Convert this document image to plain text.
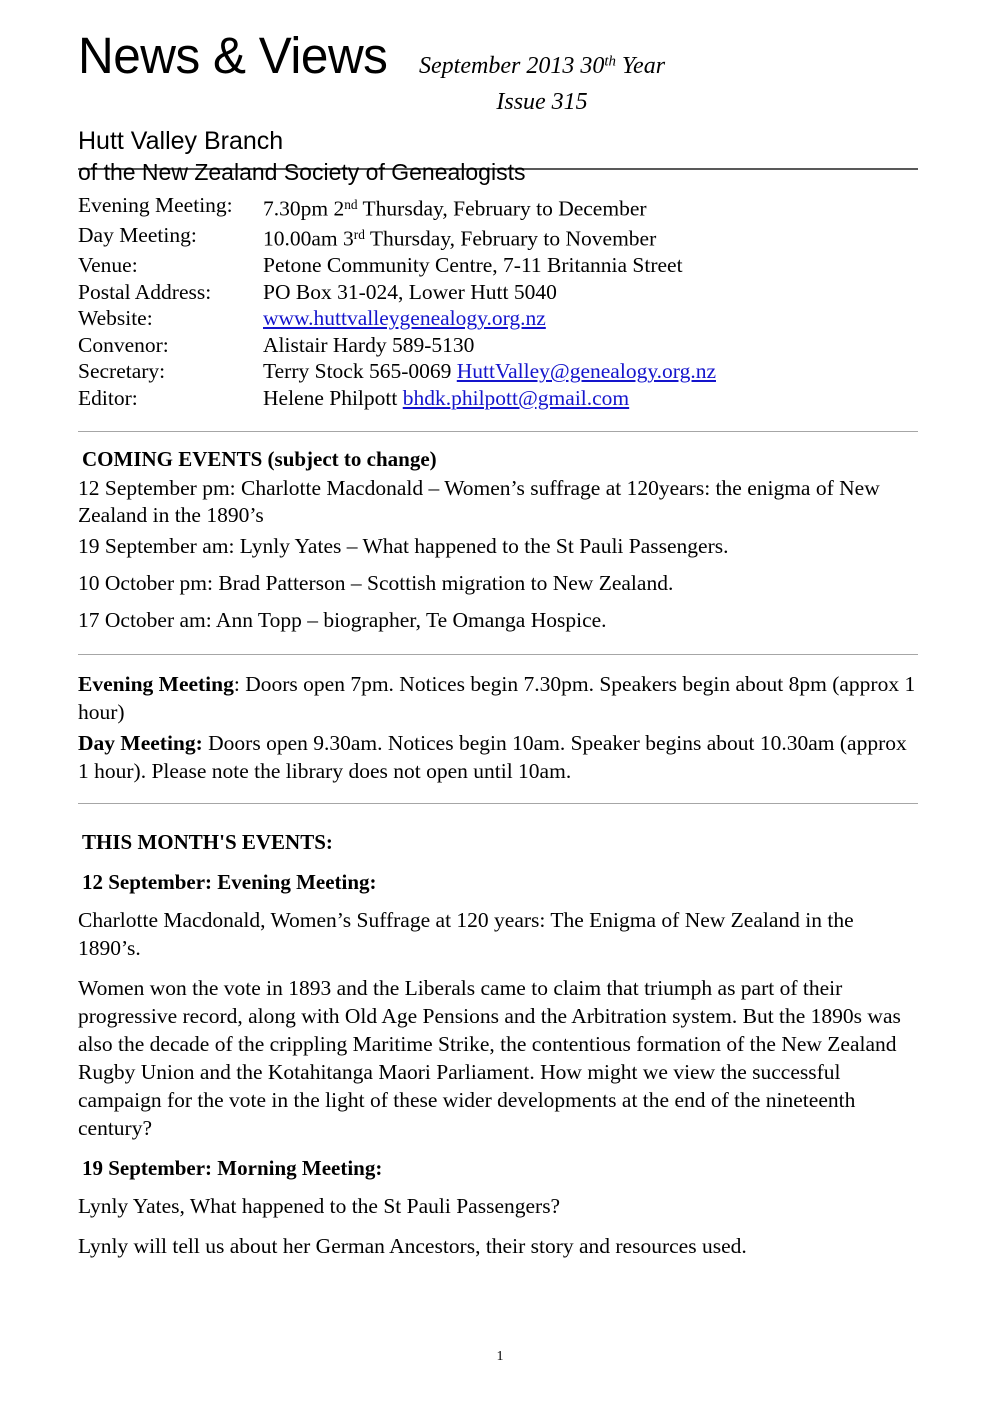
News & Views	September 2013 30th Year
Issue 315
Hutt Valley Branch
of the New Zealand Society of Genealogists
Evening Meeting:	7.30pm 2nd Thursday, February to December
Day Meeting:	10.00am 3rd Thursday, February to November
Venue:	Petone Community Centre, 7-11 Britannia Street
Postal Address:	PO Box 31-024, Lower Hutt 5040
Website:	www.huttvalleygenealogy.org.nz
Convenor:	Alistair Hardy 589-5130
Secretary:	Terry Stock 565-0069 HuttValley@genealogy.org.nz
Editor:	Helene Philpott bhdk.philpott@gmail.com
COMING EVENTS (subject to change)

12 September pm: Charlotte Macdonald – Women’s suffrage at 120years: the enigma of New Zealand in the 1890’s

19 September am: Lynly Yates – What happened to the St Pauli Passengers.

10 October pm: Brad Patterson – Scottish migration to New Zealand.

17 October am: Ann Topp – biographer, Te Omanga Hospice.

Evening Meeting: Doors open 7pm. Notices begin 7.30pm. Speakers begin about 8pm (approx 1 hour)

Day Meeting: Doors open 9.30am. Notices begin 10am. Speaker begins about 10.30am (approx 1 hour). Please note the library does not open until 10am.

THIS MONTH'S EVENTS:
12 September: Evening Meeting:

Charlotte Macdonald, Women’s Suffrage at 120 years: The Enigma of New Zealand in the 1890’s.

Women won the vote in 1893 and the Liberals came to claim that triumph as part of their progressive record, along with Old Age Pensions and the Arbitration system. But the 1890s was also the decade of the crippling Maritime Strike, the contentious formation of the New Zealand Rugby Union and the Kotahitanga Maori Parliament. How might we view the successful campaign for the vote in the light of these wider developments at the end of the nineteenth century?

19 September: Morning Meeting:

Lynly Yates, What happened to the St Pauli Passengers?

Lynly will tell us about her German Ancestors, their story and resources used.

1
